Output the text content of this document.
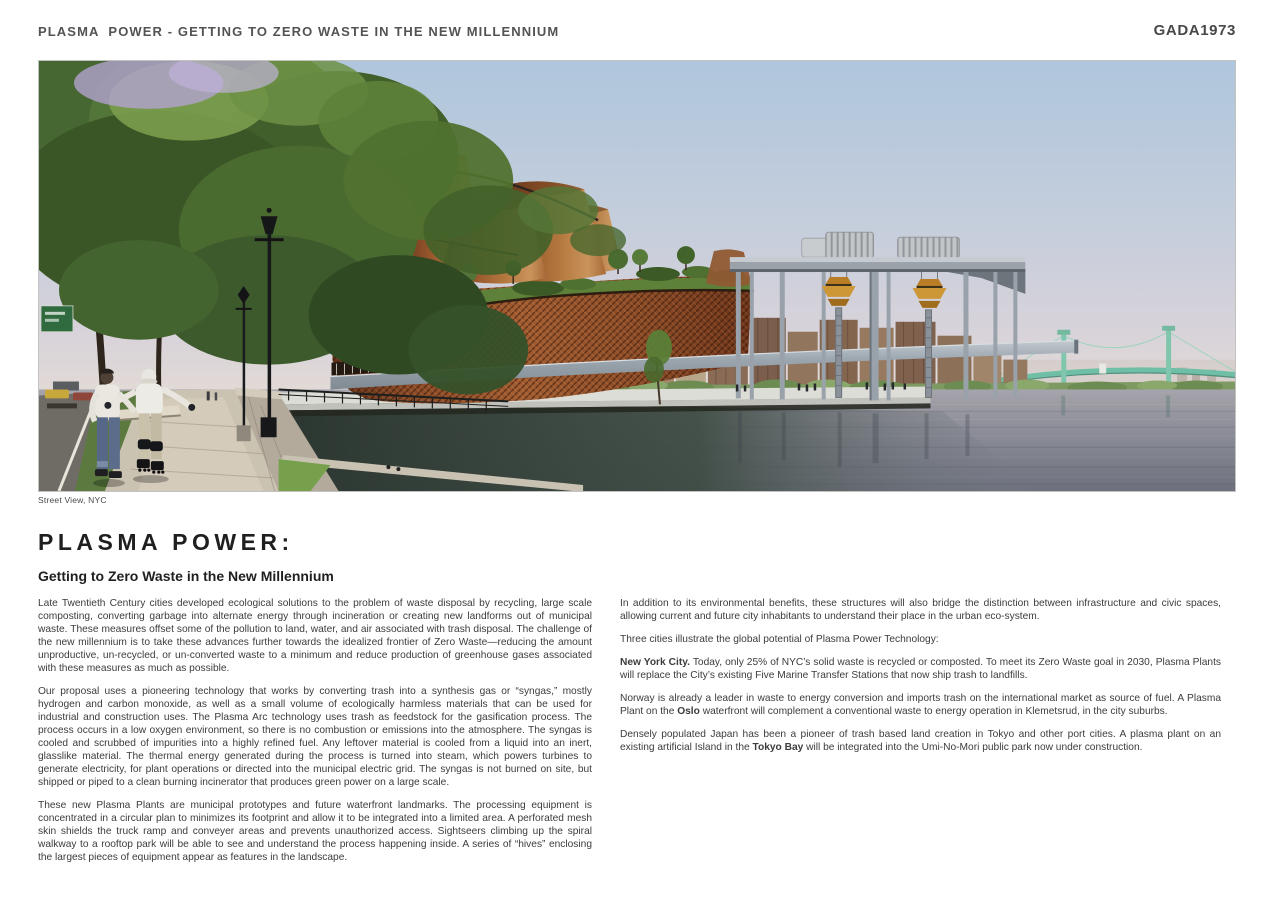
PLASMA  POWER - GETTING TO ZERO WASTE IN THE NEW MILLENNIUM	GADA1973
Street View, NYC
PLASMA POWER:
Getting to Zero Waste in the New Millennium

Late Twentieth Century cities developed ecological solutions to the problem of waste disposal by recycling, large scale composting, converting garbage into alternate energy through incineration or creating new landforms out of municipal waste. These measures offset some of the pollution to land, water, and air associated with trash disposal. The challenge of the new millennium is to take these advances further towards the idealized frontier of Zero Waste—reducing the amount unproductive, un-recycled, or un-converted waste to a minimum and reduce production of greenhouse gases associated with these measures as much as possible.

Our proposal uses a pioneering technology that works by converting trash into a synthesis gas or “syngas,” mostly hydrogen and carbon monoxide, as well as a small volume of ecologically harmless materials that can be used for industrial and construction uses. The Plasma Arc technology uses trash as feedstock for the gasification process. The process occurs in a low oxygen environment, so there is no combustion or emissions into the atmosphere. The syngas is cooled and scrubbed of impurities into a highly refined fuel. Any leftover material is cooled from a liquid into an inert, glasslike material. The thermal energy generated during the process is turned into steam, which powers turbines to generate electricity, for plant operations or directed into the municipal electric grid. The syngas is not burned on site, but shipped or piped to a clean burning incinerator that produces green power on a large scale.

These new Plasma Plants are municipal prototypes and future waterfront landmarks. The processing equipment is concentrated in a circular plan to minimizes its footprint and allow it to be integrated into a limited area. A perforated mesh skin shields the truck ramp and conveyer areas and prevents unauthorized access. Sightseers climbing up the spiral walkway to a rooftop park will be able to see and understand the process happening inside. A series of “hives” enclosing the largest pieces of equipment appear as features in the landscape.

In addition to its environmental benefits, these structures will also bridge the distinction between infrastructure and civic spaces, allowing current and future city inhabitants to understand their place in the urban eco-system.

Three cities illustrate the global potential of Plasma Power Technology:

New York City. Today, only 25% of NYC’s solid waste is recycled or composted. To meet its Zero Waste goal in 2030, Plasma Plants will replace the City’s existing Five Marine Transfer Stations that now ship trash to landfills.

Norway is already a leader in waste to energy conversion and imports trash on the international market as source of fuel. A Plasma Plant on the Oslo waterfront will complement a conventional waste to energy operation in Klemetsrud, in the city suburbs.

Densely populated Japan has been a pioneer of trash based land creation in Tokyo and other port cities. A plasma plant on an existing artificial Island in the Tokyo Bay will be integrated into the Umi-No-Mori public park now under construction.
